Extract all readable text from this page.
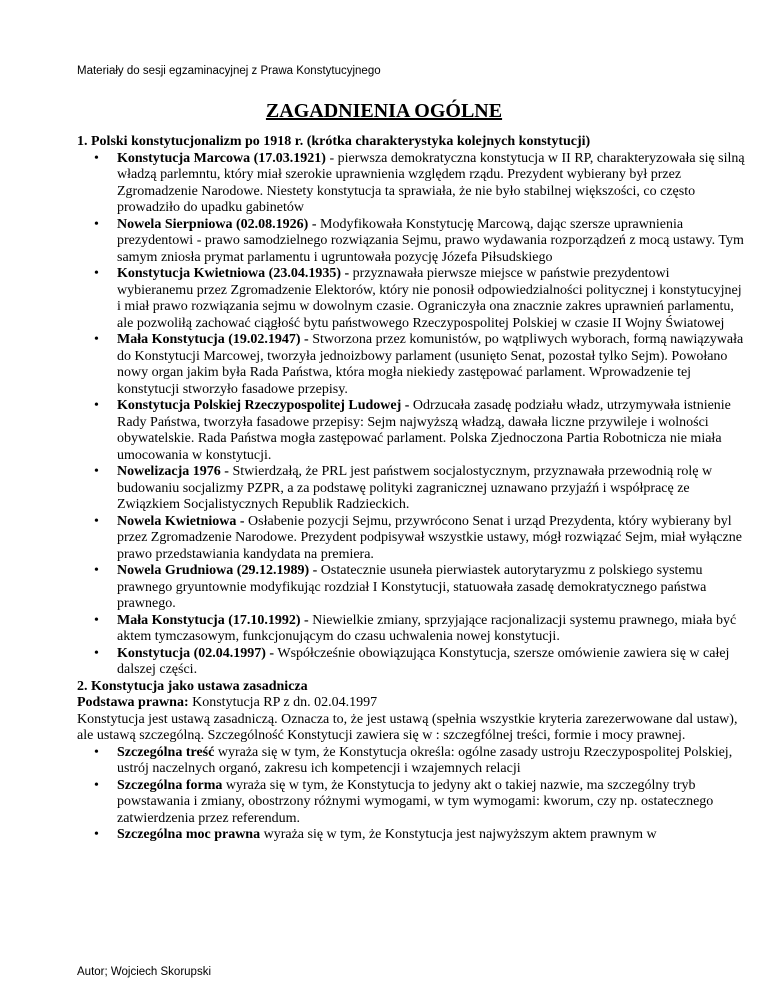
Materiały do sesji egzaminacyjnej z Prawa Konstytucyjnego
ZAGADNIENIA OGÓLNE
1. Polski konstytucjonalizm po 1918 r. (krótka charakterystyka kolejnych konstytucji)
• Konstytucja Marcowa (17.03.1921) - pierwsza demokratyczna konstytucja w II RP, charakteryzowała się silną władzą parlemntu, który miał szerokie uprawnienia względem rządu. Prezydent wybierany był przez Zgromadzenie Narodowe. Niestety konstytucja ta sprawiała, że nie było stabilnej większości, co często prowadziło do upadku gabinetów
• Nowela Sierpniowa (02.08.1926) - Modyfikowała Konstytucję Marcową, dając szersze uprawnienia prezydentowi - prawo samodzielnego rozwiązania Sejmu, prawo wydawania rozporządzeń z mocą ustawy. Tym samym zniosła prymat parlamentu i ugruntowała pozycję Józefa Piłsudskiego
• Konstytucja Kwietniowa (23.04.1935) - przyznawała pierwsze miejsce w państwie prezydentowi wybieranemu przez Zgromadzenie Elektorów, który nie ponosił odpowiedzialności politycznej i konstytucyjnej i miał prawo rozwiązania sejmu w dowolnym czasie. Ograniczyła ona znacznie zakres uprawnień parlamentu, ale pozwoliłą zachować ciągłość bytu państwowego Rzeczypospolitej Polskiej w czasie II Wojny Światowej
• Mała Konstytucja (19.02.1947) - Stworzona przez komunistów, po wątpliwych wyborach, formą nawiązywała do Konstytucji Marcowej, tworzyła jednoizbowy parlament (usunięto Senat, pozostał tylko Sejm). Powołano nowy organ jakim była Rada Państwa, która mogła niekiedy zastępować parlament. Wprowadzenie tej konstytucji stworzyło fasadowe przepisy.
• Konstytucja Polskiej Rzeczypospolitej Ludowej - Odrzucała zasadę podziału władz, utrzymywała istnienie Rady Państwa, tworzyła fasadowe przepisy: Sejm najwyższą władzą, dawała liczne przywileje i wolności obywatelskie. Rada Państwa mogła zastępować parlament. Polska Zjednoczona Partia Robotnicza nie miała umocowania w konstytucji.
• Nowelizacja 1976 - Stwierdzałą, że PRL jest państwem socjalostycznym, przyznawała przewodnią rolę w budowaniu socjalizmy PZPR, a za podstawę polityki zagranicznej uznawano przyjaźń i współpracę ze Związkiem Socjalistycznych Republik Radzieckich.
• Nowela Kwietniowa - Osłabenie pozycji Sejmu, przywrócono Senat i urząd Prezydenta, który wybierany byl przez Zgromadzenie Narodowe. Prezydent podpisywał wszystkie ustawy, mógł rozwiązać Sejm, miał wyłączne prawo przedstawiania kandydata na premiera.
• Nowela Grudniowa (29.12.1989) - Ostatecznie usuneła pierwiastek autorytaryzmu z polskiego systemu prawnego gryuntownie modyfikując rozdział I Konstytucji, statuowała zasadę demokratycznego państwa prawnego.
• Mała Konstytucja (17.10.1992) - Niewielkie zmiany, sprzyjające racjonalizacji systemu prawnego, miała być aktem tymczasowym, funkcjonującym do czasu uchwalenia nowej konstytucji.
• Konstytucja (02.04.1997) - Współcześnie obowiązująca Konstytucja, szersze omówienie zawiera się w całej dalszej części.
2. Konstytucja jako ustawa zasadnicza

Podstawa prawna: Konstytucja RP z dn. 02.04.1997

Konstytucja jest ustawą zasadniczą. Oznacza to, że jest ustawą (spełnia wszystkie kryteria zarezerwowane dal ustaw), ale ustawą szczególną. Szczególność Konstytucji zawiera się w : szczegfólnej treści, formie i mocy prawnej.

• Szczególna treść wyraża się w tym, że Konstytucja określa: ogólne zasady ustroju Rzeczypospolitej Polskiej, ustrój naczelnych organó, zakresu ich kompetencji i wzajemnych relacji
• Szczególna forma wyraża się w tym, że Konstytucja to jedyny akt o takiej nazwie, ma szczególny tryb powstawania i zmiany, obostrzony różnymi wymogami, w tym wymogami: kworum, czy np. ostatecznego zatwierdzenia przez referendum.
• Szczególna moc prawna wyraża się w tym, że Konstytucja jest najwyższym aktem prawnym w
Autor; Wojciech Skorupski
